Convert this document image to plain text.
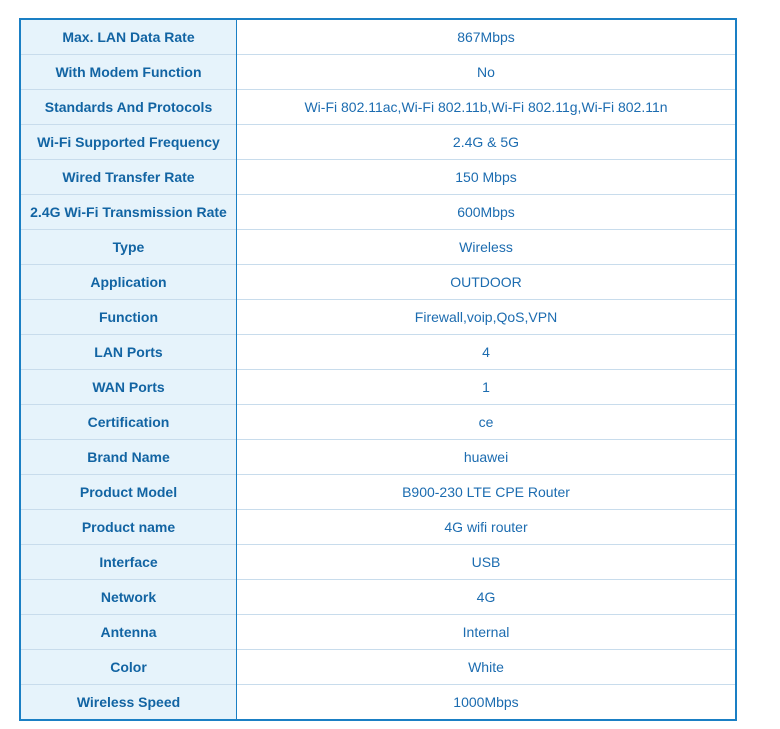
Max. LAN Data Rate	867Mbps
With Modem Function	No
Standards And Protocols	Wi-Fi 802.11ac,Wi-Fi 802.11b,Wi-Fi 802.11g,Wi-Fi 802.11n
Wi-Fi Supported Frequency	2.4G & 5G
Wired Transfer Rate	150 Mbps
2.4G Wi-Fi Transmission Rate	600Mbps
Type	Wireless
Application	OUTDOOR
Function	Firewall,voip,QoS,VPN
LAN Ports	4
WAN Ports	1
Certification	ce
Brand Name	huawei
Product Model	B900-230 LTE CPE Router
Product name	4G wifi router
Interface	USB
Network	4G
Antenna	Internal
Color	White
Wireless Speed	1000Mbps
